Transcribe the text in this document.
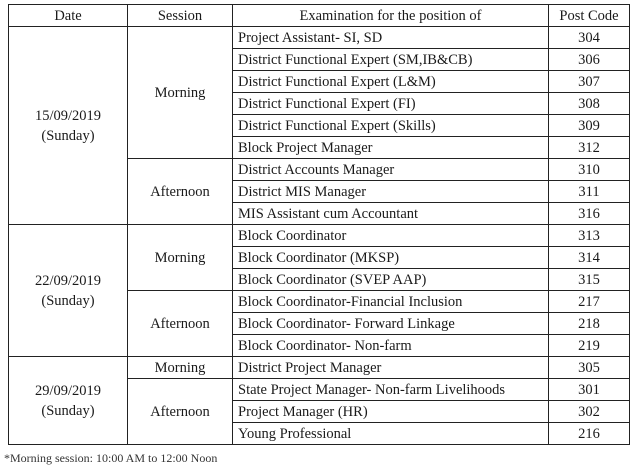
Date	Session	Examination for the position of	Post Code

15/09/2019
(Sunday)	Morning	Project Assistant- SI, SD	304
		District Functional Expert (SM,IB&CB)	306
		District Functional Expert (L&M)	307
		District Functional Expert (FI)	308
		District Functional Expert (Skills)	309
		Block Project Manager	312
	Afternoon	District Accounts Manager	310
		District MIS Manager	311
		MIS Assistant cum Accountant	316

22/09/2019
(Sunday)	Morning	Block Coordinator	313
		Block Coordinator (MKSP)	314
		Block Coordinator (SVEP AAP)	315
	Afternoon	Block Coordinator-Financial Inclusion	217
		Block Coordinator- Forward Linkage	218
		Block Coordinator- Non-farm	219

29/09/2019
(Sunday)	Morning	District Project Manager	305
	Afternoon	State Project Manager- Non-farm Livelihoods	301
		Project Manager (HR)	302
		Young Professional	216
*Morning session: 10:00 AM to 12:00 Noon
